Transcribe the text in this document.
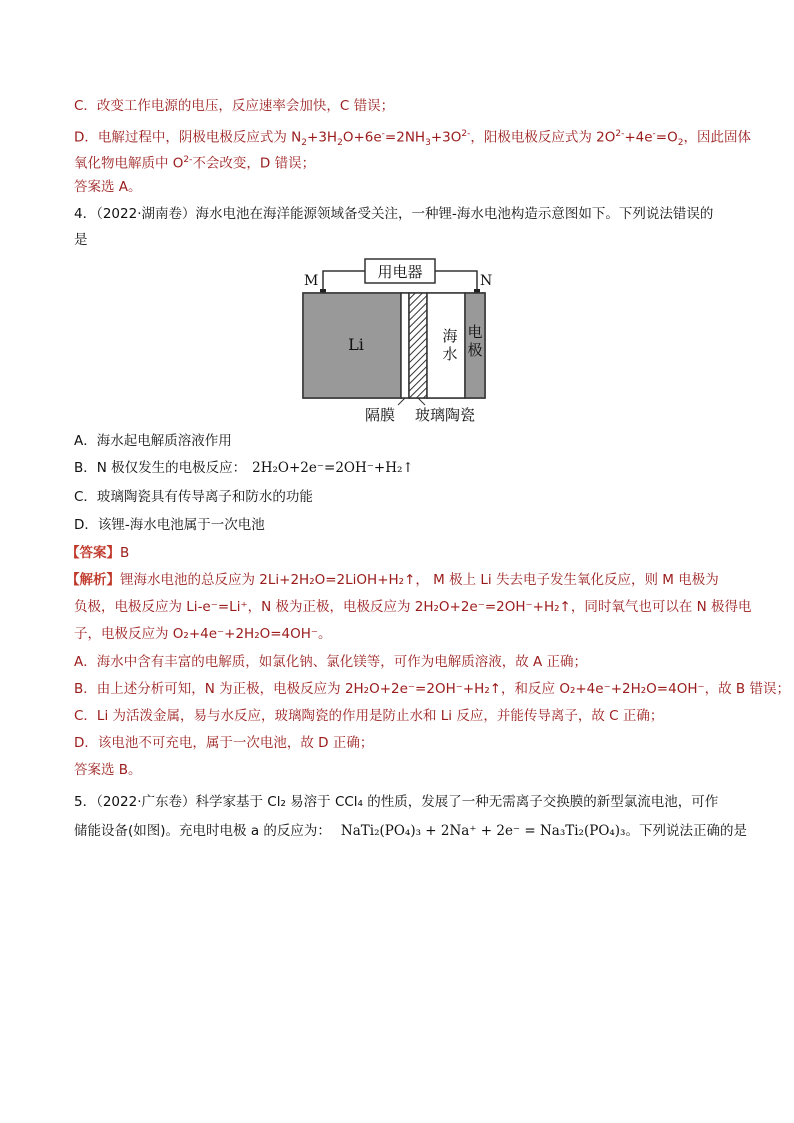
C．改变工作电源的电压，反应速率会加快，C 错误；
D．电解过程中，阴极电极反应式为 $N_2+3H_2O+6e^-=2NH_3+3O^{2-}$，阳极电极反应式为 $2O^{2-}+4e^-=O_2$，因此固体
氧化物电解质中 $O^{2-}$不会改变，D 错误；
答案选 A。
4．（2022·湖南卷）海水电池在海洋能源领域备受关注，一种锂-海水电池构造示意图如下。下列说法错误的
是
用电器
M	N
Li	海
水
电
极
隔膜 玻璃陶瓷
A．海水起电解质溶液作用
B．N 极仅发生的电极反应： 2H₂O+2e⁻=2OH⁻+H₂↑
C．玻璃陶瓷具有传导离子和防水的功能
D．该锂-海水电池属于一次电池
【答案】B
【解析】锂海水电池的总反应为 2Li+2H₂O=2LiOH+H₂↑， M 极上 Li 失去电子发生氧化反应，则 M 电极为
负极，电极反应为 Li-e⁻=Li⁺，N 极为正极，电极反应为 2H₂O+2e⁻=2OH⁻+H₂↑，同时氧气也可以在 N 极得电
子，电极反应为 O₂+4e⁻+2H₂O=4OH⁻。
A．海水中含有丰富的电解质，如氯化钠、氯化镁等，可作为电解质溶液，故 A 正确；
B．由上述分析可知，N 为正极，电极反应为 2H₂O+2e⁻=2OH⁻+H₂↑，和反应 O₂+4e⁻+2H₂O=4OH⁻，故 B 错误；
C．Li 为活泼金属，易与水反应，玻璃陶瓷的作用是防止水和 Li 反应，并能传导离子，故 C 正确；
D．该电池不可充电，属于一次电池，故 D 正确；
答案选 B。
5．（2022·广东卷）科学家基于 Cl₂ 易溶于 CCl₄ 的性质，发展了一种无需离子交换膜的新型氯流电池，可作
储能设备(如图)。充电时电极 a 的反应为： NaTi₂(PO₄)₃ + 2Na⁺ + 2e⁻ = Na₃Ti₂(PO₄)₃。下列说法正确的是
